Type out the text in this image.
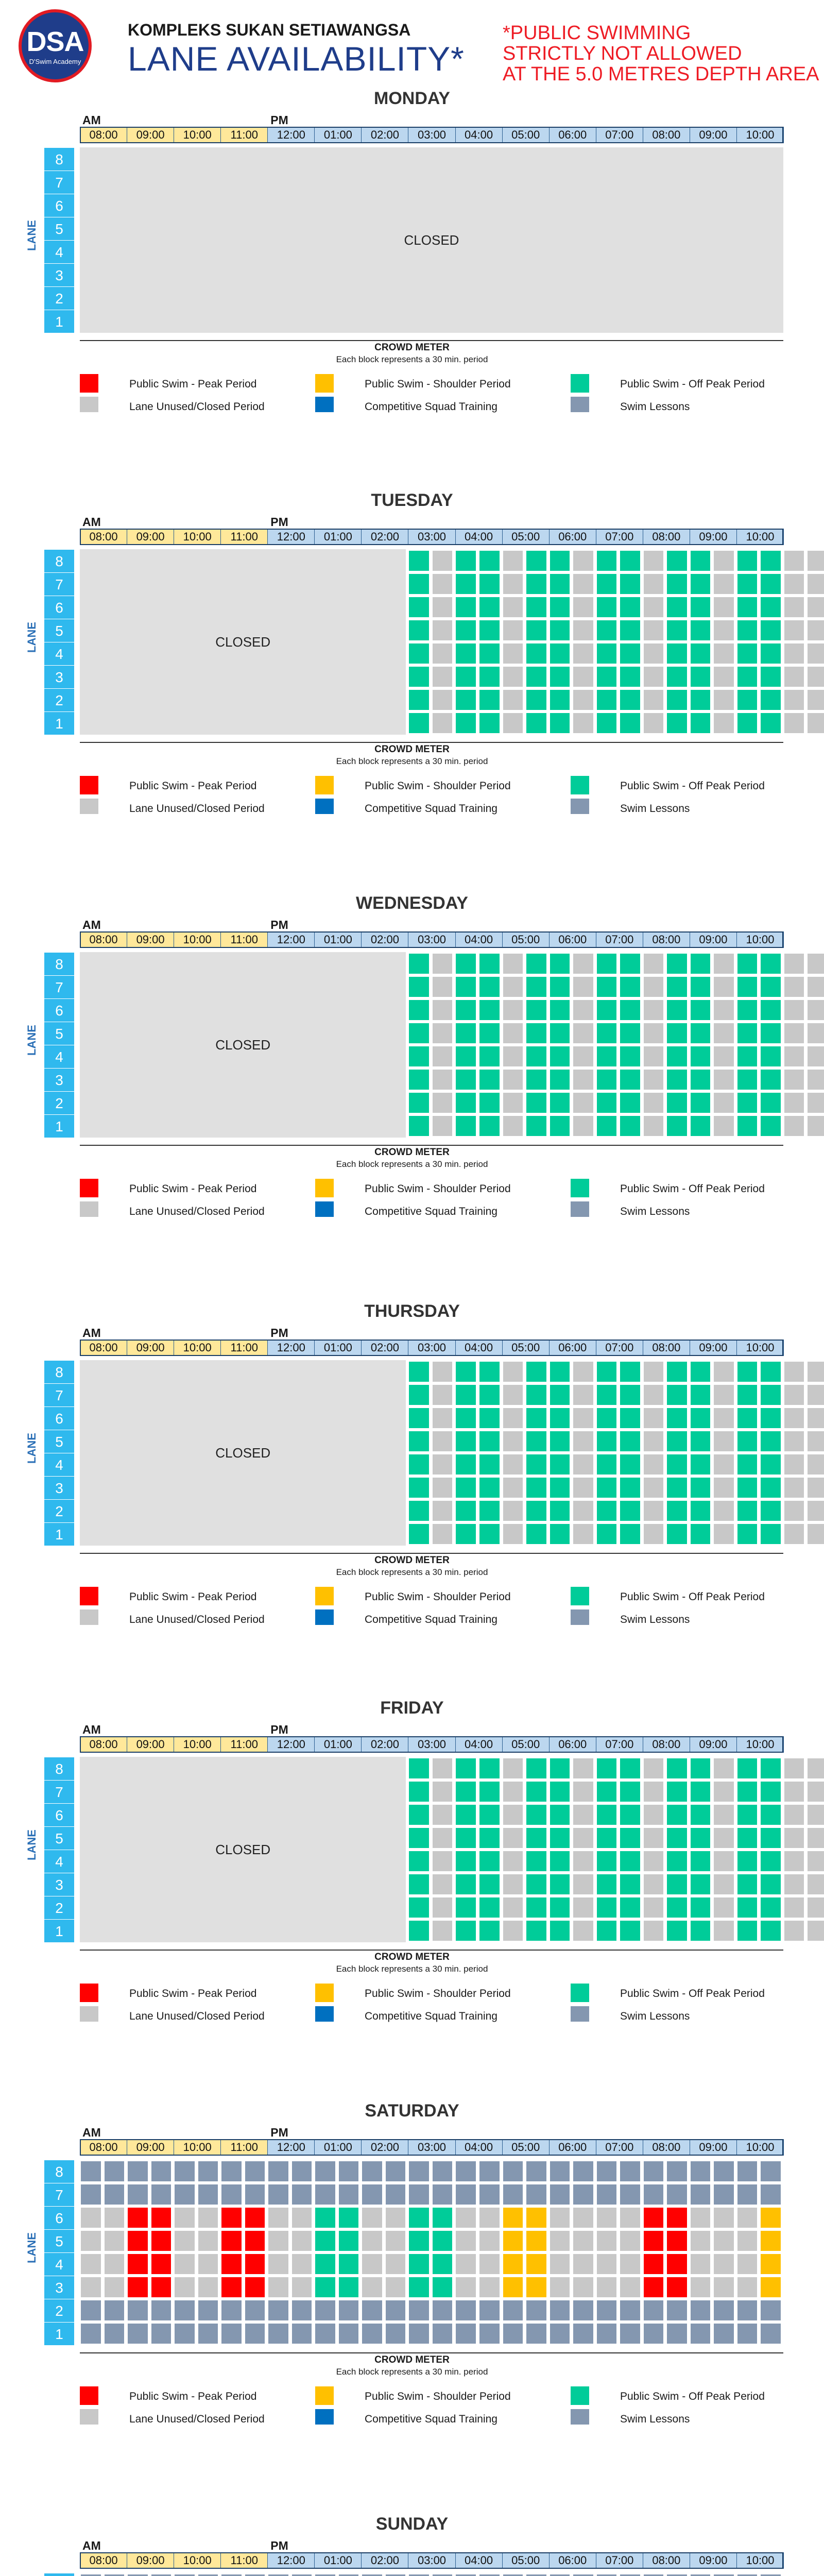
DSA
D'Swim Academy
KOMPLEKS SUKAN SETIAWANGSA
LANE AVAILABILITY*
*PUBLIC SWIMMING
STRICTLY NOT ALLOWED
AT THE 5.0 METRES DEPTH AREA
MONDAY
AM	PM
08:00	09:00	10:00	11:00	12:00	01:00	02:00	03:00	04:00	05:00	06:00	07:00	08:00	09:00	10:00
8
7
6
5
4
3
2
1
LANE	CLOSED
CROWD METER
Each block represents a 30 min. period
Public Swim - Peak Period	Public Swim - Shoulder Period	Public Swim - Off Peak Period
Lane Unused/Closed Period	Competitive Squad Training	Swim Lessons
TUESDAY
AM	PM
08:00	09:00	10:00	11:00	12:00	01:00	02:00	03:00	04:00	05:00	06:00	07:00	08:00	09:00	10:00
8
7
6
5
4
3
2
1
LANE	CLOSED
CROWD METER
Each block represents a 30 min. period
Public Swim - Peak Period	Public Swim - Shoulder Period	Public Swim - Off Peak Period
Lane Unused/Closed Period	Competitive Squad Training	Swim Lessons
WEDNESDAY
AM	PM
08:00	09:00	10:00	11:00	12:00	01:00	02:00	03:00	04:00	05:00	06:00	07:00	08:00	09:00	10:00
8
7
6
5
4
3
2
1
LANE	CLOSED
CROWD METER
Each block represents a 30 min. period
Public Swim - Peak Period	Public Swim - Shoulder Period	Public Swim - Off Peak Period
Lane Unused/Closed Period	Competitive Squad Training	Swim Lessons
THURSDAY
AM	PM
08:00	09:00	10:00	11:00	12:00	01:00	02:00	03:00	04:00	05:00	06:00	07:00	08:00	09:00	10:00
8
7
6
5
4
3
2
1
LANE	CLOSED
CROWD METER
Each block represents a 30 min. period
Public Swim - Peak Period	Public Swim - Shoulder Period	Public Swim - Off Peak Period
Lane Unused/Closed Period	Competitive Squad Training	Swim Lessons
FRIDAY
AM	PM
08:00	09:00	10:00	11:00	12:00	01:00	02:00	03:00	04:00	05:00	06:00	07:00	08:00	09:00	10:00
8
7
6
5
4
3
2
1
LANE	CLOSED
CROWD METER
Each block represents a 30 min. period
Public Swim - Peak Period	Public Swim - Shoulder Period	Public Swim - Off Peak Period
Lane Unused/Closed Period	Competitive Squad Training	Swim Lessons
SATURDAY
AM	PM
08:00	09:00	10:00	11:00	12:00	01:00	02:00	03:00	04:00	05:00	06:00	07:00	08:00	09:00	10:00
8
7
6
5
4
3
2
1
LANE
CROWD METER
Each block represents a 30 min. period
Public Swim - Peak Period	Public Swim - Shoulder Period	Public Swim - Off Peak Period
Lane Unused/Closed Period	Competitive Squad Training	Swim Lessons
SUNDAY
AM	PM
08:00	09:00	10:00	11:00	12:00	01:00	02:00	03:00	04:00	05:00	06:00	07:00	08:00	09:00	10:00
